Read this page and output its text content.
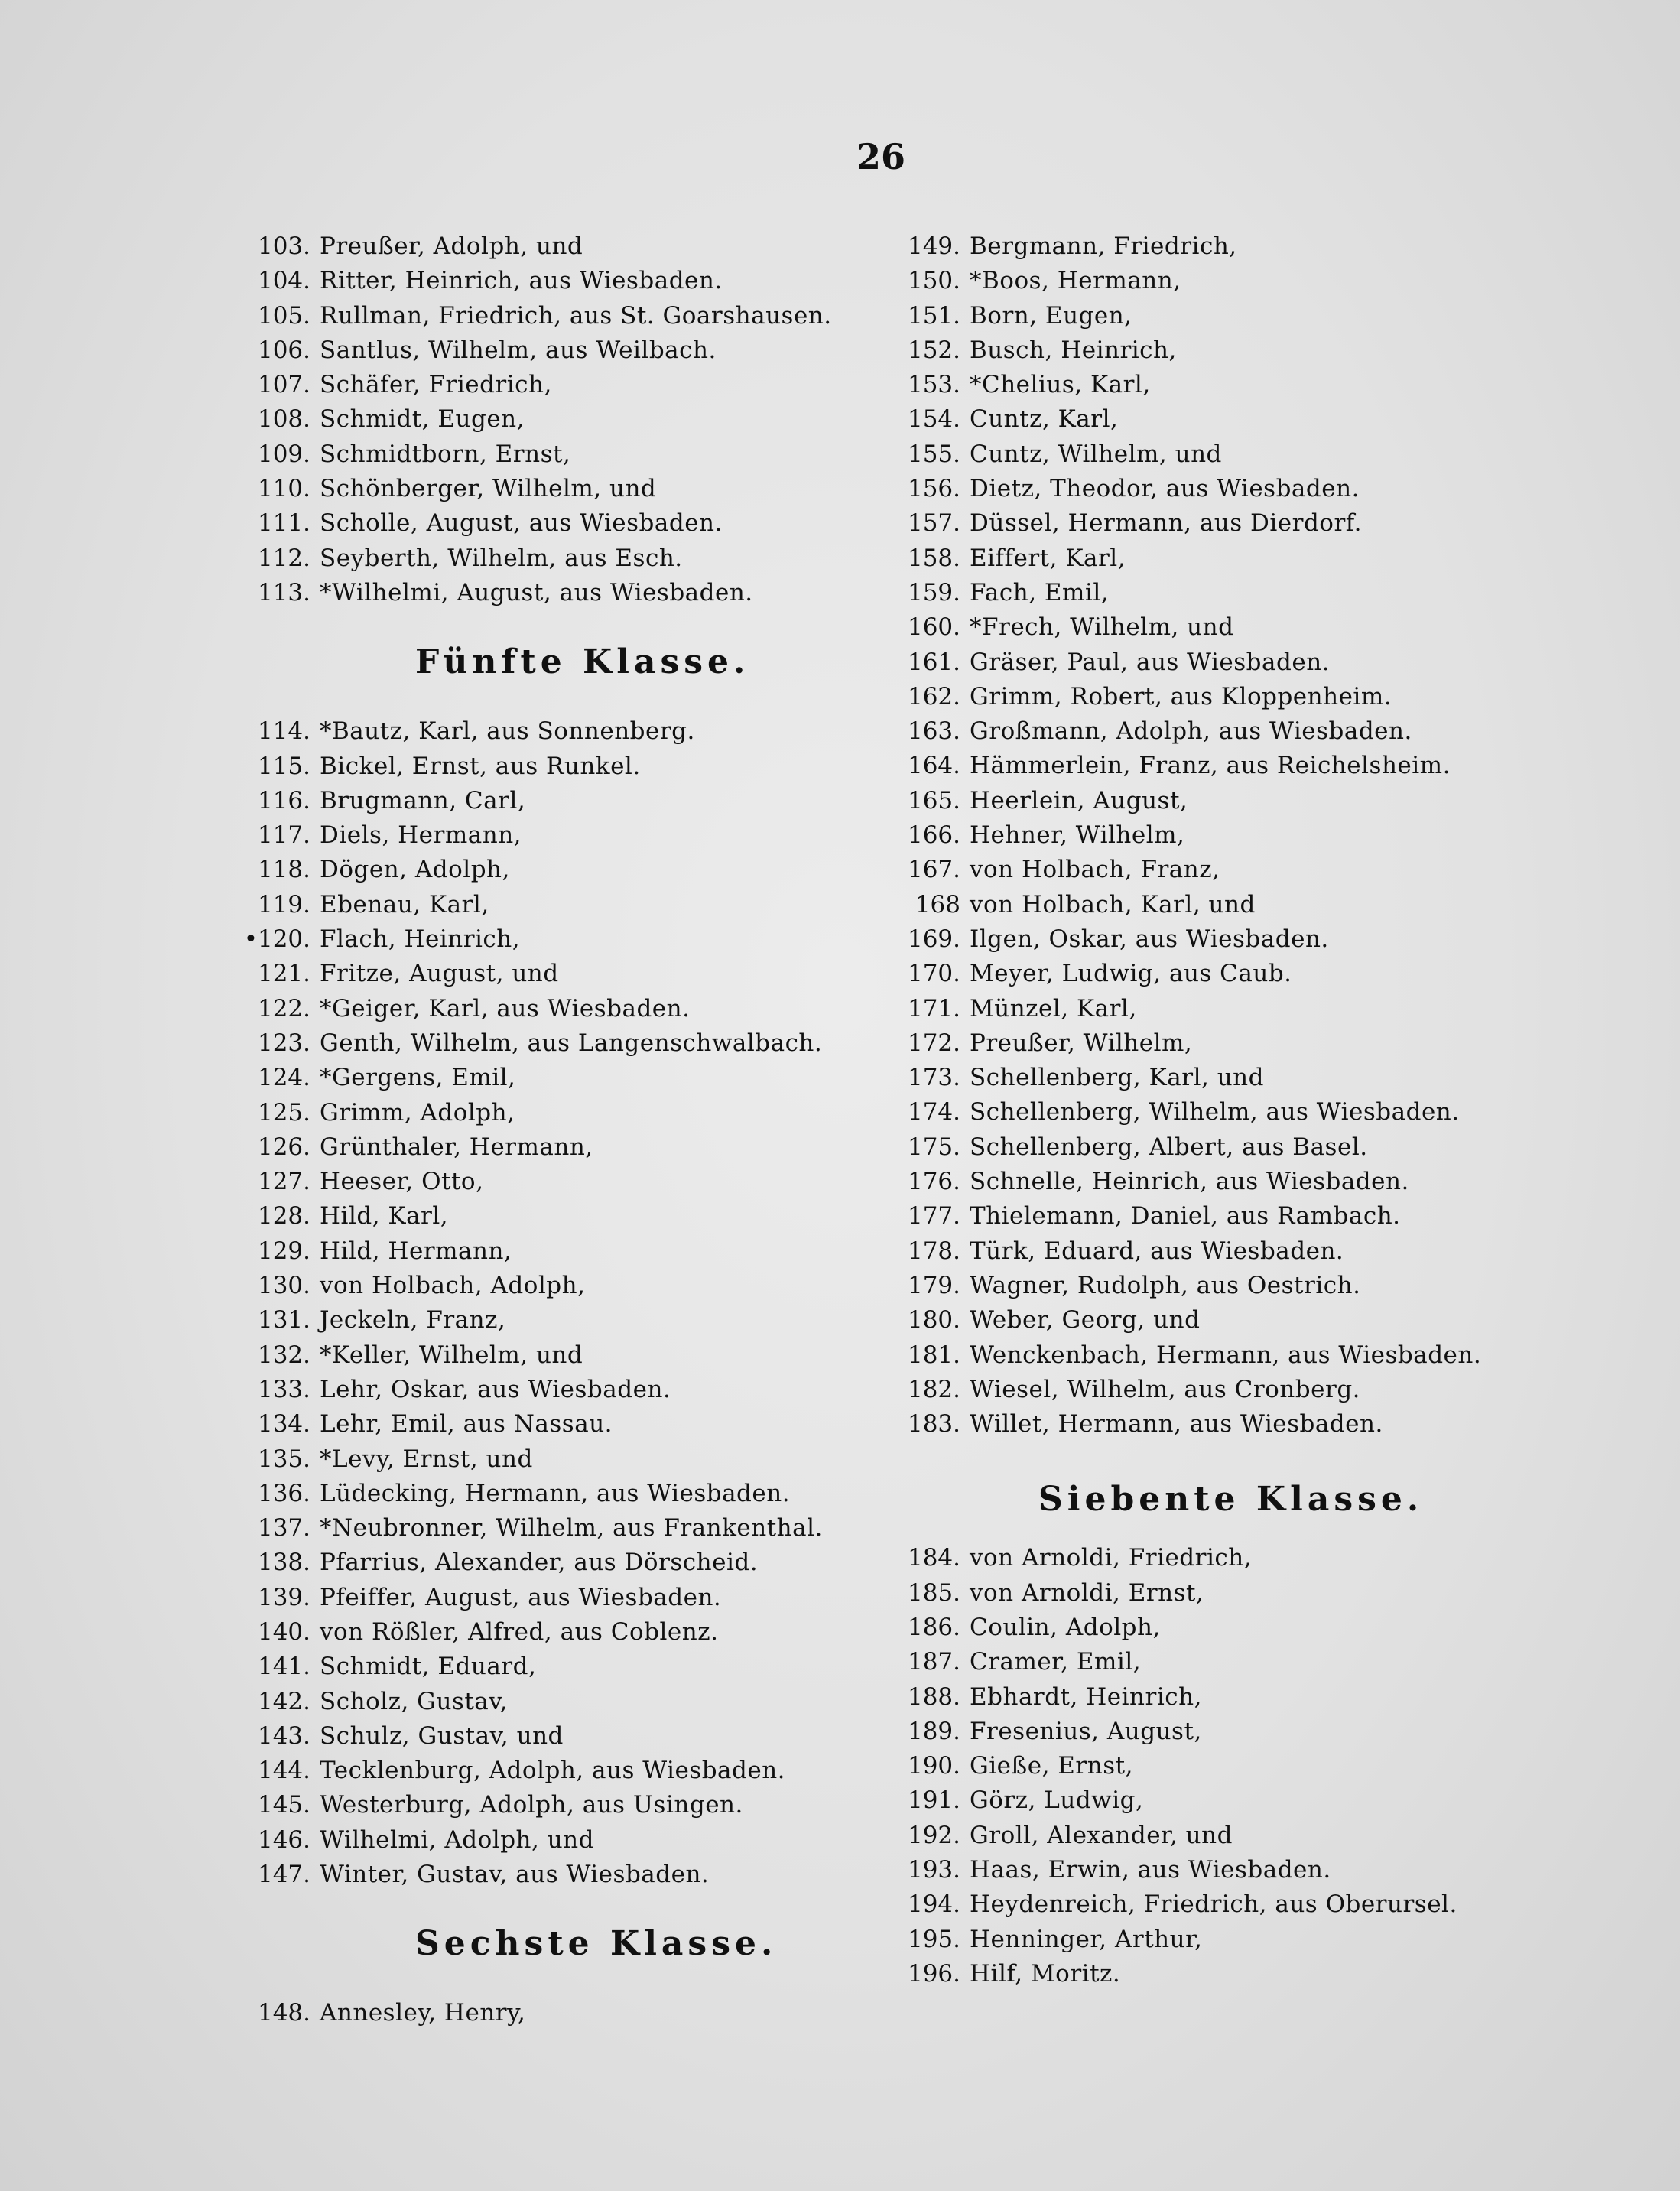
26
103. Preußer, Adolph, und
104. Ritter, Heinrich, aus Wiesbaden.
105. Rullman, Friedrich, aus St. Goarshausen.
106. Santlus, Wilhelm, aus Weilbach.
107. Schäfer, Friedrich,
108. Schmidt, Eugen,
109. Schmidtborn, Ernst,
110. Schönberger, Wilhelm, und
111. Scholle, August, aus Wiesbaden.
112. Seyberth, Wilhelm, aus Esch.
113. *Wilhelmi, August, aus Wiesbaden.
Fünfte Klasse.
114. *Bautz, Karl, aus Sonnenberg.
115. Bickel, Ernst, aus Runkel.
116. Brugmann, Carl,
117. Diels, Hermann,
118. Dögen, Adolph,
119. Ebenau, Karl,
•120. Flach, Heinrich,
121. Fritze, August, und
122. *Geiger, Karl, aus Wiesbaden.
123. Genth, Wilhelm, aus Langenschwalbach.
124. *Gergens, Emil,
125. Grimm, Adolph,
126. Grünthaler, Hermann,
127. Heeser, Otto,
128. Hild, Karl,
129. Hild, Hermann,
130. von Holbach, Adolph,
131. Jeckeln, Franz,
132. *Keller, Wilhelm, und
133. Lehr, Oskar, aus Wiesbaden.
134. Lehr, Emil, aus Nassau.
135. *Levy, Ernst, und
136. Lüdecking, Hermann, aus Wiesbaden.
137. *Neubronner, Wilhelm, aus Frankenthal.
138. Pfarrius, Alexander, aus Dörscheid.
139. Pfeiffer, August, aus Wiesbaden.
140. von Rößler, Alfred, aus Coblenz.
141. Schmidt, Eduard,
142. Scholz, Gustav,
143. Schulz, Gustav, und
144. Tecklenburg, Adolph, aus Wiesbaden.
145. Westerburg, Adolph, aus Usingen.
146. Wilhelmi, Adolph, und
147. Winter, Gustav, aus Wiesbaden.
Sechste Klasse.
148. Annesley, Henry,
149. Bergmann, Friedrich,
150. *Boos, Hermann,
151. Born, Eugen,
152. Busch, Heinrich,
153. *Chelius, Karl,
154. Cuntz, Karl,
155. Cuntz, Wilhelm, und
156. Dietz, Theodor, aus Wiesbaden.
157. Düssel, Hermann, aus Dierdorf.
158. Eiffert, Karl,
159. Fach, Emil,
160. *Frech, Wilhelm, und
161. Gräser, Paul, aus Wiesbaden.
162. Grimm, Robert, aus Kloppenheim.
163. Großmann, Adolph, aus Wiesbaden.
164. Hämmerlein, Franz, aus Reichelsheim.
165. Heerlein, August,
166. Hehner, Wilhelm,
167. von Holbach, Franz,
168 von Holbach, Karl, und
169. Ilgen, Oskar, aus Wiesbaden.
170. Meyer, Ludwig, aus Caub.
171. Münzel, Karl,
172. Preußer, Wilhelm,
173. Schellenberg, Karl, und
174. Schellenberg, Wilhelm, aus Wiesbaden.
175. Schellenberg, Albert, aus Basel.
176. Schnelle, Heinrich, aus Wiesbaden.
177. Thielemann, Daniel, aus Rambach.
178. Türk, Eduard, aus Wiesbaden.
179. Wagner, Rudolph, aus Oestrich.
180. Weber, Georg, und
181. Wenckenbach, Hermann, aus Wiesbaden.
182. Wiesel, Wilhelm, aus Cronberg.
183. Willet, Hermann, aus Wiesbaden.
Siebente Klasse.
184. von Arnoldi, Friedrich,
185. von Arnoldi, Ernst,
186. Coulin, Adolph,
187. Cramer, Emil,
188. Ebhardt, Heinrich,
189. Fresenius, August,
190. Gieße, Ernst,
191. Görz, Ludwig,
192. Groll, Alexander, und
193. Haas, Erwin, aus Wiesbaden.
194. Heydenreich, Friedrich, aus Oberursel.
195. Henninger, Arthur,
196. Hilf, Moritz.
